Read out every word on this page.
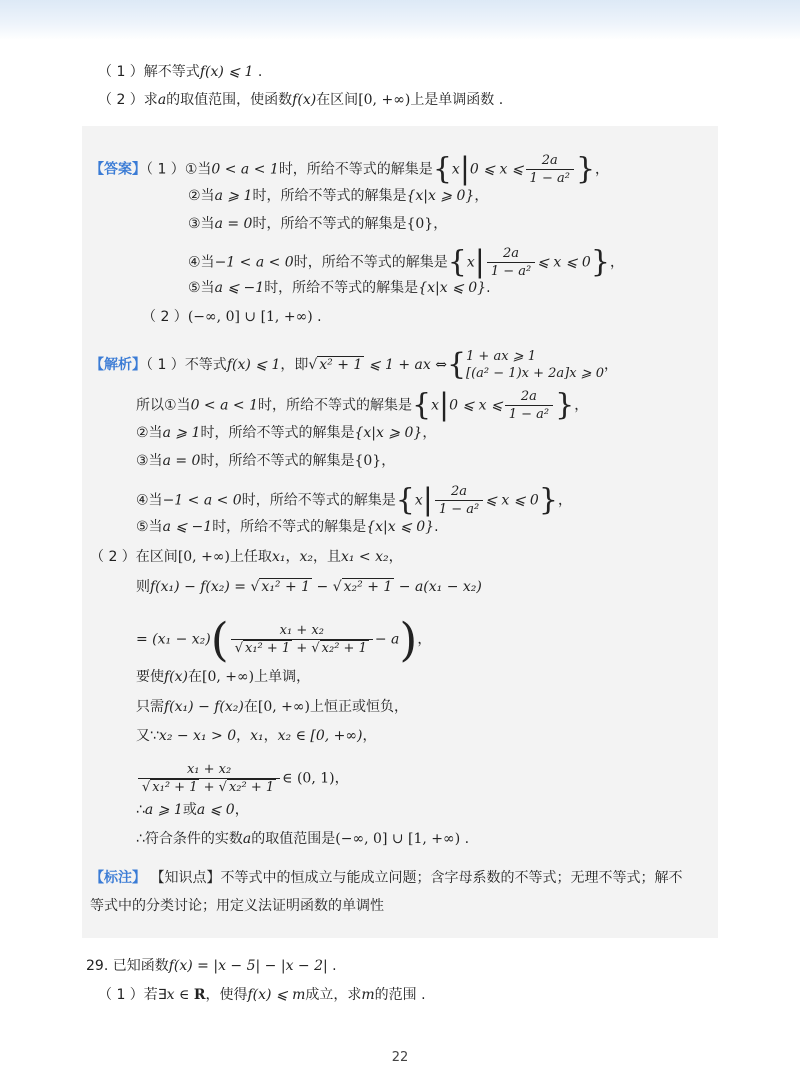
（ 1 ）解不等式f(x) ⩽ 1 .
（ 2 ）求a的取值范围，使函数f(x)在区间[0, +∞)上是单调函数 .
【答案】（ 1 ）①当0 < a < 1时，所给不等式的解集是{x|0 ⩽ x ⩽ $\frac{2a}{\text{1 − a²}}$ }，
②当a ⩾ 1时，所给不等式的解集是{x|x ⩾ 0}，
③当a = 0时，所给不等式的解集是{0}，
④当−1 < a < 0时，所给不等式的解集是{$x| \frac{2a}{\text{1 − a²}}$ ⩽ x ⩽ 0}，
⑤当a ⩽ −1时，所给不等式的解集是{x|x ⩽ 0}.
（ 2 ）(−∞, 0] ∪ [1, +∞) .
【解析】（ 1 ）不等式f(x) ⩽ 1，即√ x² + 1 ⩽ 1 + ax ⇔{ 1 + ax ⩾ 1
[(a² − 1)x + 2a]x ⩾ 0
，
所以①当0 < a < 1时，所给不等式的解集是{x|0 ⩽ x ⩽ $\frac{2a}{\text{1 − a²}}$ }，
②当a ⩾ 1时，所给不等式的解集是{x|x ⩾ 0}，
③当a = 0时，所给不等式的解集是{0}，
④当−1 < a < 0时，所给不等式的解集是{$x| \frac{2a}{\text{1 − a²}}$ ⩽ x ⩽ 0}，
⑤当a ⩽ −1时，所给不等式的解集是{x|x ⩽ 0}.
（ 2 ）在区间[0, +∞)上任取x₁，x₂，且x₁ < x₂，
则f(x₁) − f(x₂) = √ x₁² + 1 − √ x₂² + 1 − a(x₁ − x₂)
= $(x_1 - x_2)( \frac{\text{x₁ + x₂}}{\text{√ x₁² + 1 + √ x₂² + 1}} - a)$，
要使f(x)在[0, +∞)上单调，
只需f(x₁) − f(x₂)在[0, +∞)上恒正或恒负，
又∵x₂ − x₁ > 0，x₁，x₂ ∈ [0, +∞)，
$\frac{\text{x₁ + x₂}}{\text{√ x₁² + 1 + √ x₂² + 1}}$ ∈ (0, 1)，
∴a ⩾ 1或a ⩽ 0，
∴符合条件的实数a的取值范围是(−∞, 0] ∪ [1, +∞) .
【标注】 【知识点】不等式中的恒成立与能成立问题；含字母系数的不等式；无理不等式；解不
等式中的分类讨论；用定义法证明函数的单调性
29. 已知函数f(x) = |x − 5| − |x − 2| .
（ 1 ）若∃x ∈ R，使得f(x) ⩽ m成立，求m的范围 .
22
